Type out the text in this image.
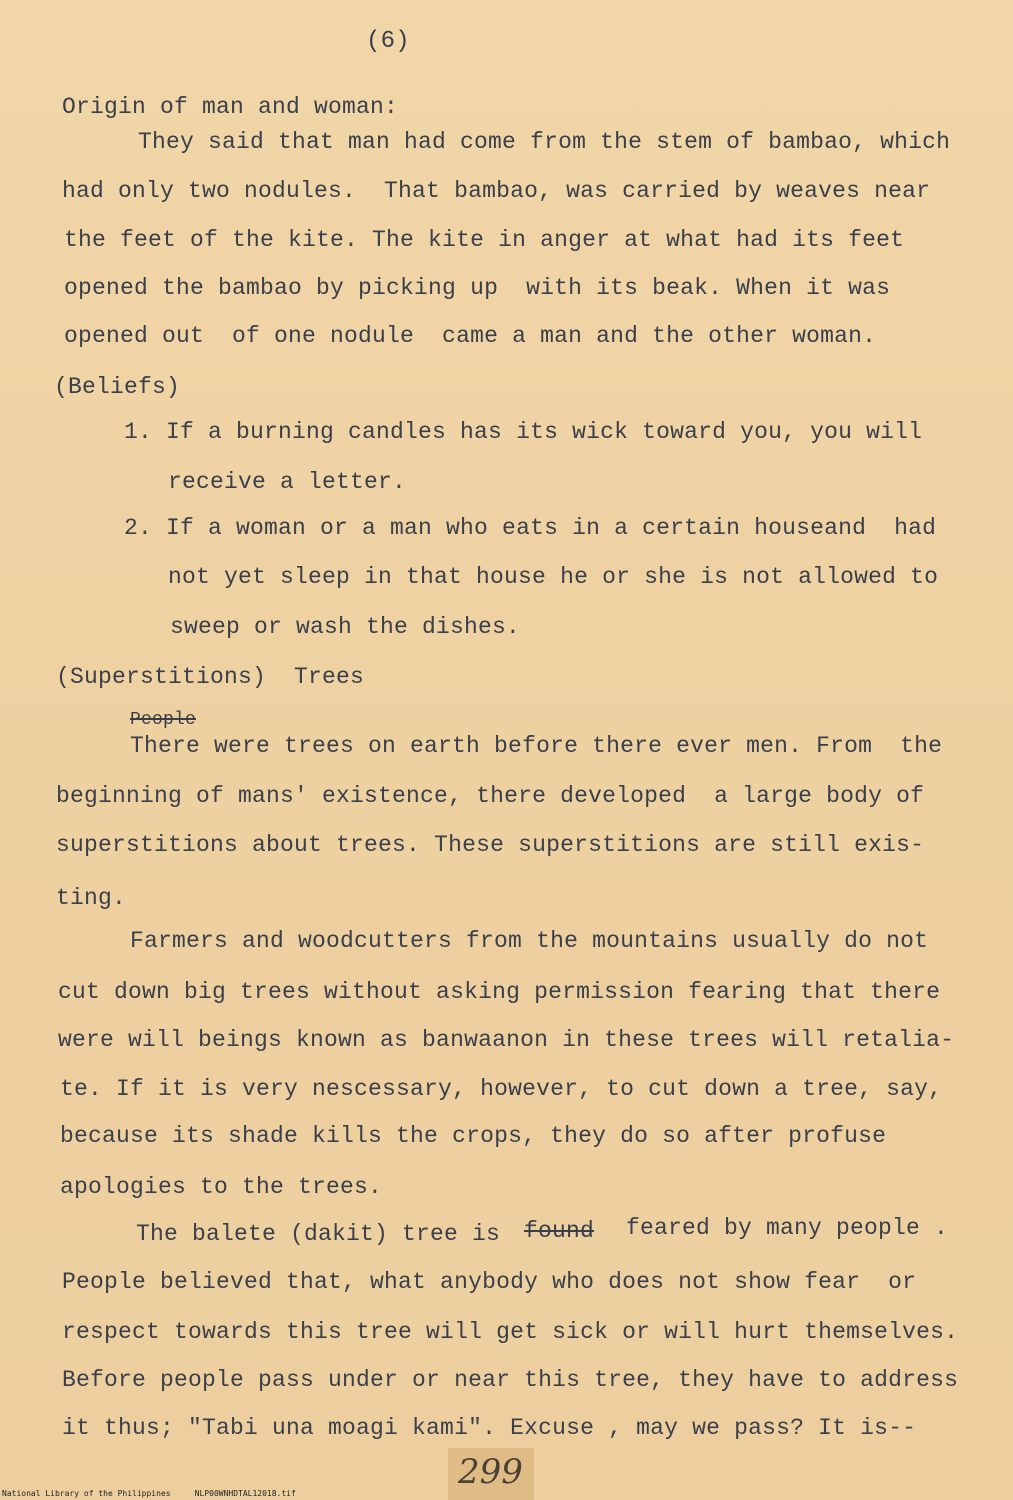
(6)
Origin of man and woman:
They said that man had come from the stem of bambao, which
had only two nodules.  That bambao, was carried by weaves near
the feet of the kite. The kite in anger at what had its feet
opened the bambao by picking up  with its beak. When it was
opened out  of one nodule  came a man and the other woman.
(Beliefs)
1. If a burning candles has its wick toward you, you will
receive a letter.
2. If a woman or a man who eats in a certain houseand  had
not yet sleep in that house he or she is not allowed to
sweep or wash the dishes.
(Superstitions)  Trees
People
There were trees on earth before there ever men. From  the
beginning of mans' existence, there developed  a large body of
superstitions about trees. These superstitions are still exis-
ting.
Farmers and woodcutters from the mountains usually do not
cut down big trees without asking permission fearing that there
were will beings known as banwaanon in these trees will retalia-
te. If it is very nescessary, however, to cut down a tree, say,
because its shade kills the crops, they do so after profuse
apologies to the trees.
The balete (dakit) tree is found feared by many people .
People believed that, what anybody who does not show fear  or
respect towards this tree will get sick or will hurt themselves.
Before people pass under or near this tree, they have to address
it thus; "Tabi una moagi kami". Excuse , may we pass? It is--
299
National Library of the Philippines	NLP00WNHDTAL12018.tif
